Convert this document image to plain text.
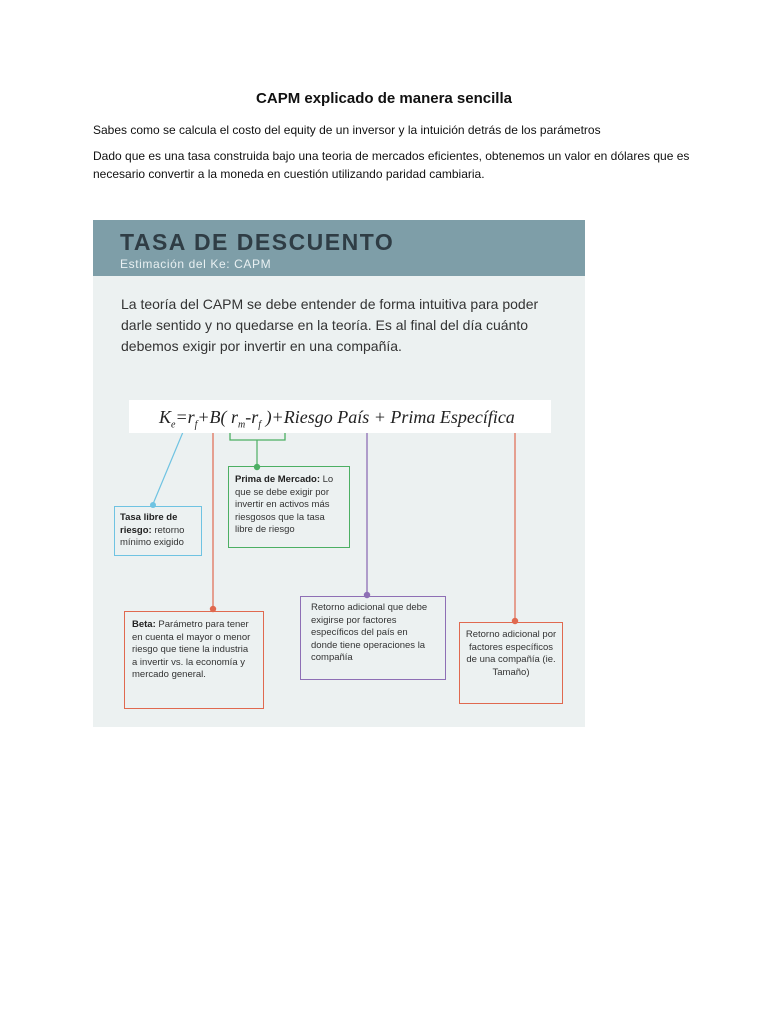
CAPM explicado de manera sencilla

Sabes como se calcula el costo del equity de un inversor y la intuición detrás de los parámetros

Dado que es una tasa construida bajo una teoria de mercados eficientes, obtenemos un valor en dólares que es necesario convertir a la moneda en cuestión utilizando paridad cambiaria.

TASA DE DESCUENTO

Estimación del Ke: CAPM

La teoría del CAPM se debe entender de forma intuitiva para poder darle sentido y no quedarse en la teoría. Es al final del día cuánto debemos exigir por invertir en una compañía.

$K_e=r_f+B$( $r_m-r_f$ )+Riesgo País + Prima Específica

Tasa libre de riesgo: retorno mínimo exigido

Prima de Mercado: Lo que se debe exigir por invertir en activos más riesgosos que la tasa libre de riesgo

Beta: Parámetro para tener en cuenta el mayor o menor riesgo que tiene la industria a invertir vs. la economía y mercado general.

Retorno adicional que debe exigirse por factores específicos del país en donde tiene operaciones la compañía

Retorno adicional por factores específicos de una compañía (ie. Tamaño)
